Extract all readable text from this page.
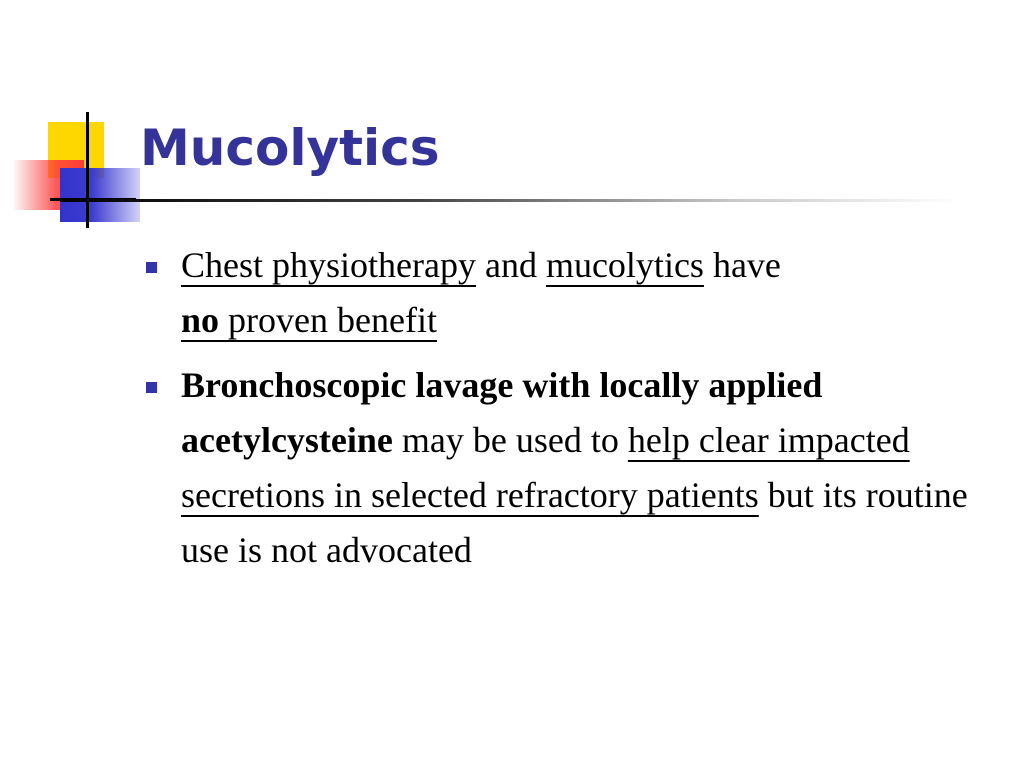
Mucolytics
Chest physiotherapy and mucolytics have
no proven benefit
Bronchoscopic lavage with locally applied acetylcysteine may be used to help clear impacted secretions in selected refractory patients but its routine use is not advocated
